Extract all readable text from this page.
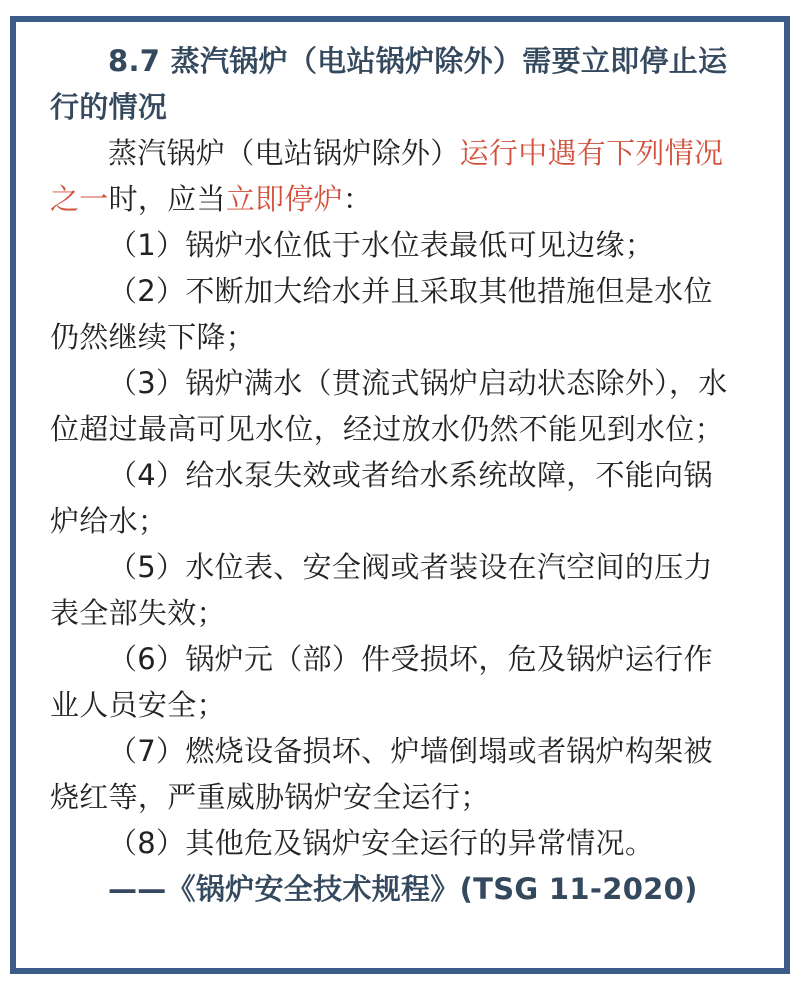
8.7 蒸汽锅炉（电站锅炉除外）需要立即停止运行的情况

蒸汽锅炉（电站锅炉除外）运行中遇有下列情况之一时，应当立即停炉：

（1）锅炉水位低于水位表最低可见边缘；

（2）不断加大给水并且采取其他措施但是水位仍然继续下降；

（3）锅炉满水（贯流式锅炉启动状态除外），水位超过最高可见水位，经过放水仍然不能见到水位；

（4）给水泵失效或者给水系统故障，不能向锅炉给水；

（5）水位表、安全阀或者装设在汽空间的压力表全部失效；

（6）锅炉元（部）件受损坏，危及锅炉运行作业人员安全；

（7）燃烧设备损坏、炉墙倒塌或者锅炉构架被烧红等，严重威胁锅炉安全运行；

（8）其他危及锅炉安全运行的异常情况。

——《锅炉安全技术规程》(TSG 11-2020)
